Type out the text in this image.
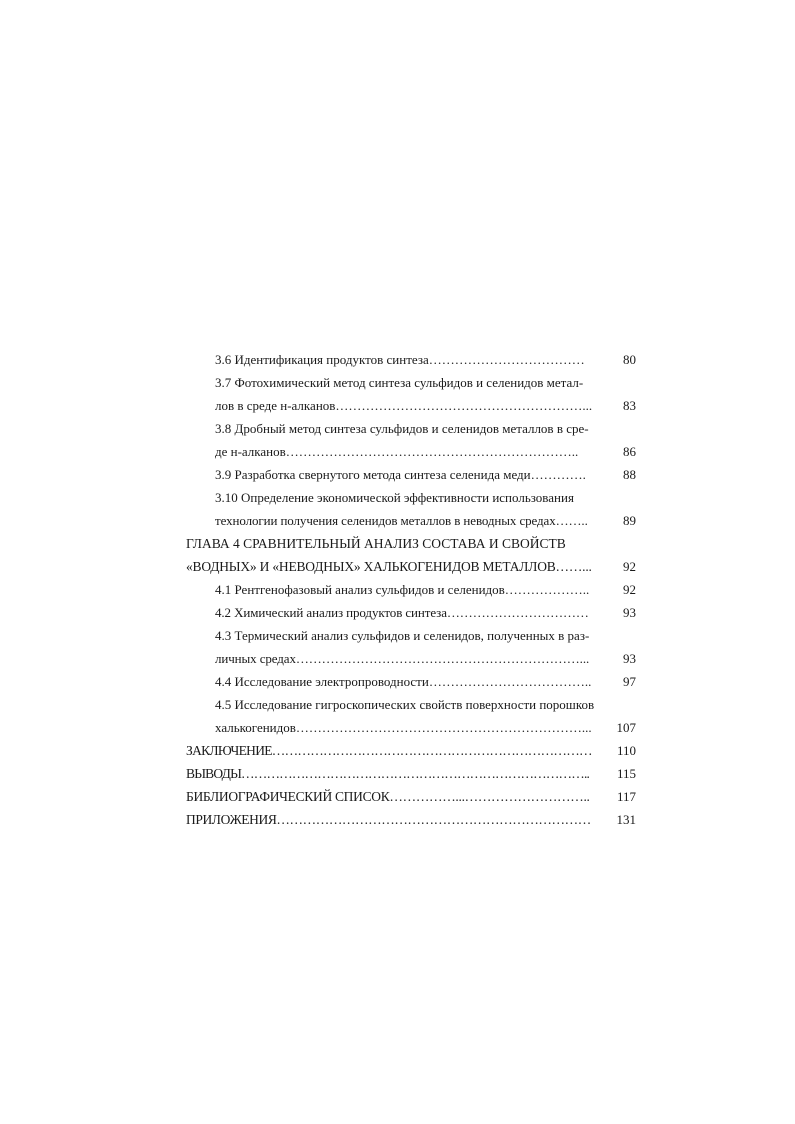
3.6 Идентификация продуктов синтеза………………………………	80
3.7 Фотохимический метод синтеза сульфидов и селенидов метал-
лов в среде н-алканов…………………………………………………...	83
3.8 Дробный метод синтеза сульфидов и селенидов металлов в сре-
де н-алканов…………………………………………………………..	86
3.9 Разработка свернутого метода синтеза селенида меди………….	88
3.10 Определение экономической эффективности использования
технологии получения селенидов металлов в неводных средах……..	89
ГЛАВА 4 СРАВНИТЕЛЬНЫЙ АНАЛИЗ СОСТАВА И СВОЙСТВ
«ВОДНЫХ» И «НЕВОДНЫХ» ХАЛЬКОГЕНИДОВ МЕТАЛЛОВ……...	92
4.1 Рентгенофазовый анализ сульфидов и селенидов………………..	92
4.2 Химический анализ продуктов синтеза……………………………	93
4.3 Термический анализ сульфидов и селенидов, полученных в раз-
личных средах…………………………………………………………...	93
4.4 Исследование электропроводности………………………………..	97
4.5 Исследование гигроскопических свойств поверхности порошков
халькогенидов…………………………………………………………...	107
ЗАКЛЮЧЕНИЕ…………………………………………………………………	110
ВЫВОДЫ………………………………………………………………………..	115
БИБЛИОГРАФИЧЕСКИЙ СПИСОК……………...………………………..	117
ПРИЛОЖЕНИЯ………………………………………………………………	131
